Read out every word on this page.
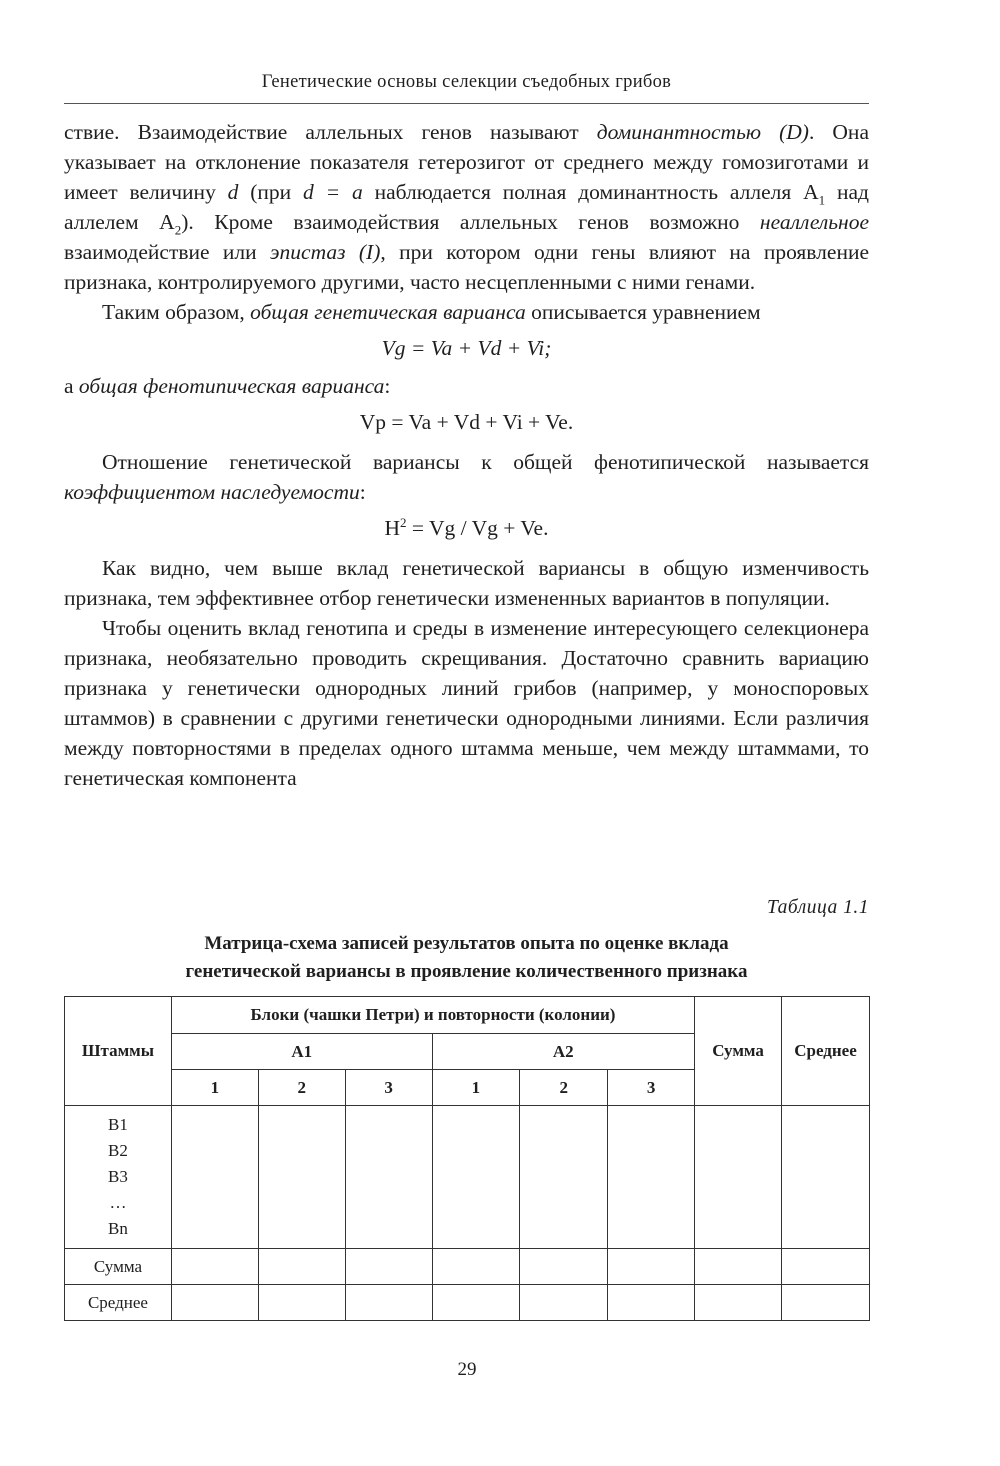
Генетические основы селекции съедобных грибов

ствие. Взаимодействие аллельных генов называют доминантностью (D). Она указывает на отклонение показателя гетерозигот от среднего между гомозиготами и имеет величину d (при d = a наблюдается полная доминантность аллеля $А_1$ над аллелем $А_2$). Кроме взаимодействия аллельных генов возможно неаллельное взаимодействие или эпистаз (I), при котором одни гены влияют на проявление признака, контролируемого другими, часто несцепленными с ними генами.

Таким образом, общая генетическая варианса описывается уравнением

Vg = Va + Vd + Vi;

а общая фенотипическая варианса:

Vp = Va + Vd + Vi + Ve.

Отношение генетической вариансы к общей фенотипической называется коэффициентом наследуемости:

$H^2 = Vg / Vg + Ve$.

Как видно, чем выше вклад генетической вариансы в общую изменчивость признака, тем эффективнее отбор генетически измененных вариантов в популяции.

Чтобы оценить вклад генотипа и среды в изменение интересующего селекционера признака, необязательно проводить скрещивания. Достаточно сравнить вариацию признака у генетически однородных линий грибов (например, у моноспоровых штаммов) в сравнении с другими генетически однородными линиями. Если различия между повторностями в пределах одного штамма меньше, чем между штаммами, то генетическая компонента

Таблица 1.1
Матрица-схема записей результатов опыта по оценке вклада
генетической вариансы в проявление количественного признака
Штаммы	Блоки (чашки Петри) и повторности (колонии)						Сумма	Среднее
	А1			А2				
	1	2	3	1	2	3		

В1
В2
В3
…
Bn								

Сумма								
Среднее								
29
